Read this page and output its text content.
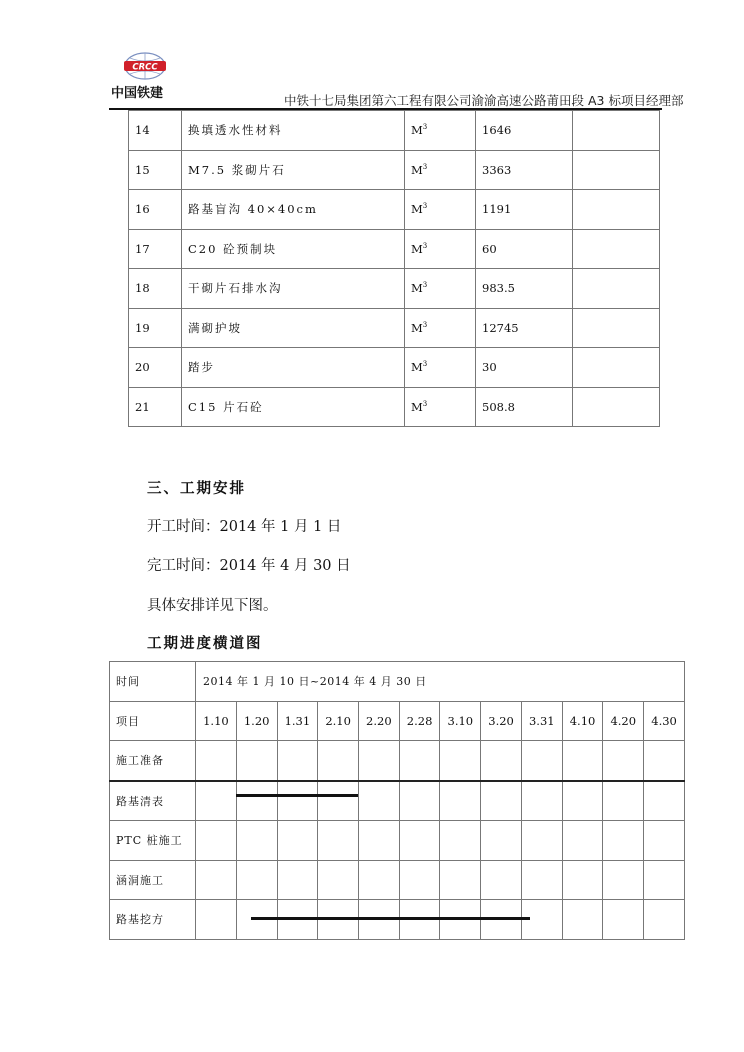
CRCC
中国铁建	中铁十七局集团第六工程有限公司渝渝高速公路莆田段 A3 标项目经理部
14	换填透水性材料	$M^3$	1646	
15	M7.5 浆砌片石	$M^3$	3363	
16	路基盲沟 40×40cm	$M^3$	1191	
17	C20 砼预制块	$M^3$	60	
18	干砌片石排水沟	$M^3$	983.5	
19	满砌护坡	$M^3$	12745	
20	踏步	$M^3$	30	
21	C15 片石砼	$M^3$	508.8	
三、工期安排
开工时间：2014 年 1 月 1 日
完工时间：2014 年 4 月 30 日
具体安排详见下图。
工期进度横道图
时间	2014 年 1 月 10 日~2014 年 4 月 30 日											
项目	1.10	1.20	1.31	2.10	2.20	2.28	3.10	3.20	3.31	4.10	4.20	4.30
施工准备												
路基清表												
PTC 桩施工												
涵洞施工												
路基挖方												
